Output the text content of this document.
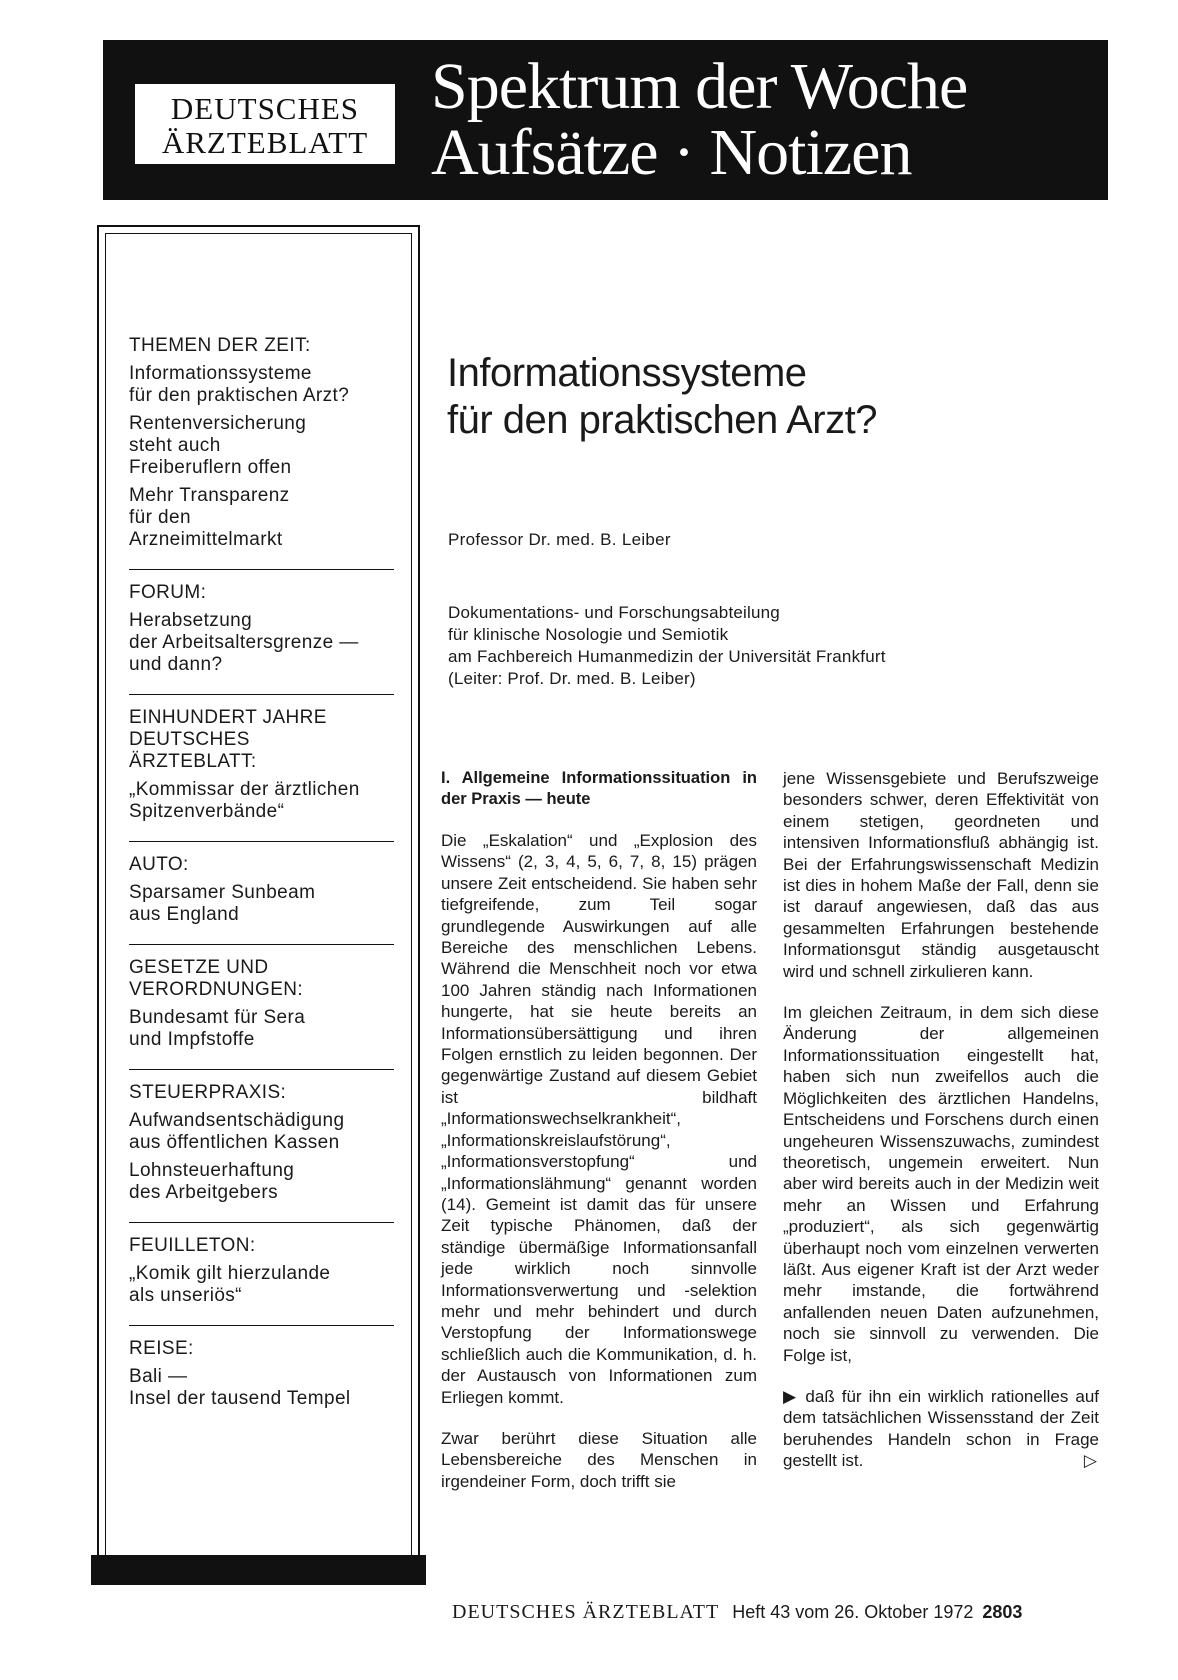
DEUTSCHES
ÄRZTEBLATT
Spektrum der Woche
Aufsätze · Notizen
THEMEN DER ZEIT:
Informationssysteme
für den praktischen Arzt?
Rentenversicherung
steht auch
Freiberuflern offen
Mehr Transparenz
für den
Arzneimittelmarkt
FORUM:
Herabsetzung
der Arbeitsaltersgrenze —
und dann?
EINHUNDERT JAHRE
DEUTSCHES
ÄRZTEBLATT:
„Kommissar der ärztlichen
Spitzenverbände“
AUTO:
Sparsamer Sunbeam
aus England
GESETZE UND
VERORDNUNGEN:
Bundesamt für Sera
und Impfstoffe
STEUERPRAXIS:
Aufwandsentschädigung
aus öffentlichen Kassen
Lohnsteuerhaftung
des Arbeitgebers
FEUILLETON:
„Komik gilt hierzulande
als unseriös“
REISE:
Bali —
Insel der tausend Tempel
Informationssysteme
für den praktischen Arzt?
Professor Dr. med. B. Leiber
Dokumentations- und Forschungsabteilung
für klinische Nosologie und Semiotik
am Fachbereich Humanmedizin der Universität Frankfurt
(Leiter: Prof. Dr. med. B. Leiber)
I. Allgemeine Informationssituation in der Praxis — heute

Die „Eskalation“ und „Explosion des Wissens“ (2, 3, 4, 5, 6, 7, 8, 15) prägen unsere Zeit entscheidend. Sie haben sehr tiefgreifende, zum Teil sogar grundlegende Auswirkungen auf alle Bereiche des menschlichen Lebens. Während die Menschheit noch vor etwa 100 Jahren ständig nach Informationen hungerte, hat sie heute bereits an Informationsübersättigung und ihren Folgen ernstlich zu leiden begonnen. Der gegenwärtige Zustand auf diesem Gebiet ist bildhaft „Informationswechselkrankheit“, „Informationskreislaufstörung“, „Informationsverstopfung“ und „Informationslähmung“ genannt worden (14). Gemeint ist damit das für unsere Zeit typische Phänomen, daß der ständige übermäßige Informationsanfall jede wirklich noch sinnvolle Informationsverwertung und -selektion mehr und mehr behindert und durch Verstopfung der Informationswege schließlich auch die Kommunikation, d. h. der Austausch von Informationen zum Erliegen kommt.

Zwar berührt diese Situation alle Lebensbereiche des Menschen in irgendeiner Form, doch trifft sie

jene Wissensgebiete und Berufszweige besonders schwer, deren Effektivität von einem stetigen, geordneten und intensiven Informationsfluß abhängig ist. Bei der Erfahrungswissenschaft Medizin ist dies in hohem Maße der Fall, denn sie ist darauf angewiesen, daß das aus gesammelten Erfahrungen bestehende Informationsgut ständig ausgetauscht wird und schnell zirkulieren kann.

Im gleichen Zeitraum, in dem sich diese Änderung der allgemeinen Informationssituation eingestellt hat, haben sich nun zweifellos auch die Möglichkeiten des ärztlichen Handelns, Entscheidens und Forschens durch einen ungeheuren Wissenszuwachs, zumindest theoretisch, ungemein erweitert. Nun aber wird bereits auch in der Medizin weit mehr an Wissen und Erfahrung „produziert“, als sich gegenwärtig überhaupt noch vom einzelnen verwerten läßt. Aus eigener Kraft ist der Arzt weder mehr imstande, die fortwährend anfallenden neuen Daten aufzunehmen, noch sie sinnvoll zu verwenden. Die Folge ist,

▶ daß für ihn ein wirklich rationelles auf dem tatsächlichen Wissensstand der Zeit beruhendes Handeln schon in Frage gestellt ist.	▷
DEUTSCHES ÄRZTEBLATT Heft 43 vom 26. Oktober 1972 2803
